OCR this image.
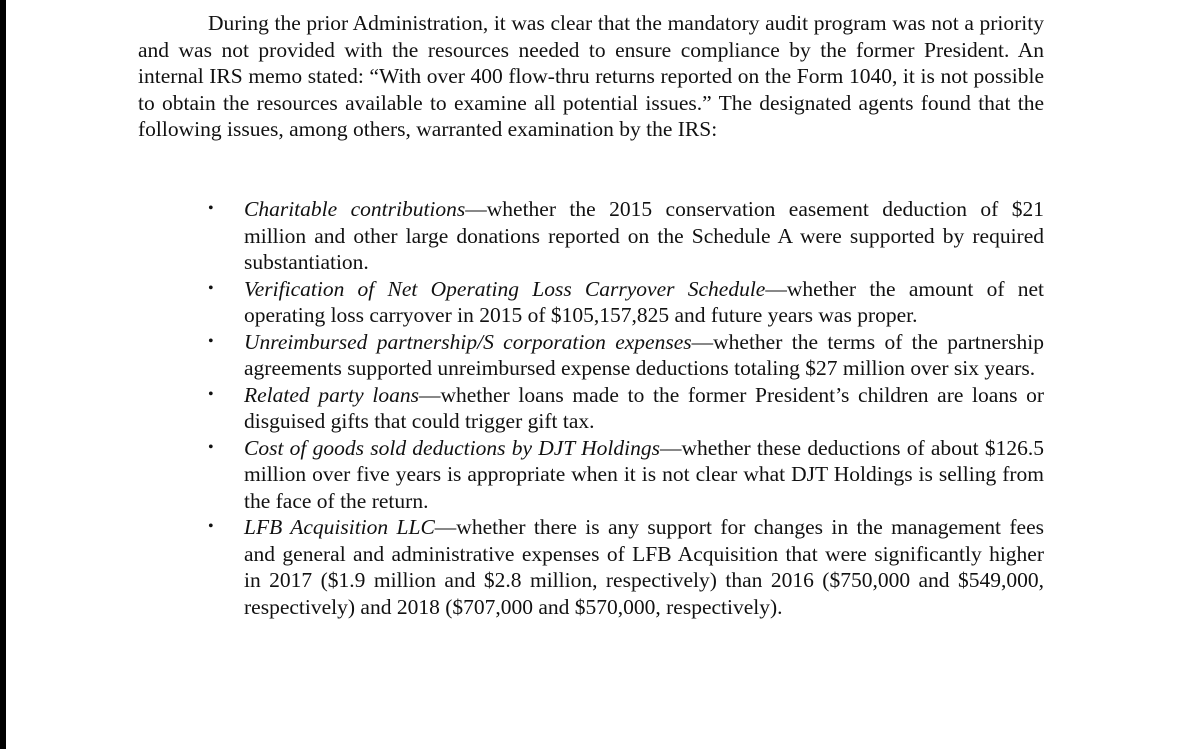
During the prior Administration, it was clear that the mandatory audit program was not a priority and was not provided with the resources needed to ensure compliance by the former President. An internal IRS memo stated: “With over 400 flow-thru returns reported on the Form 1040, it is not possible to obtain the resources available to examine all potential issues.” The designated agents found that the following issues, among others, warranted examination by the IRS:

• Charitable contributions—whether the 2015 conservation easement deduction of $21 million and other large donations reported on the Schedule A were supported by required substantiation.
• Verification of Net Operating Loss Carryover Schedule—whether the amount of net operating loss carryover in 2015 of $105,157,825 and future years was proper.
• Unreimbursed partnership/S corporation expenses—whether the terms of the partnership agreements supported unreimbursed expense deductions totaling $27 million over six years.
• Related party loans—whether loans made to the former President’s children are loans or disguised gifts that could trigger gift tax.
• Cost of goods sold deductions by DJT Holdings—whether these deductions of about $126.5 million over five years is appropriate when it is not clear what DJT Holdings is selling from the face of the return.
• LFB Acquisition LLC—whether there is any support for changes in the management fees and general and administrative expenses of LFB Acquisition that were significantly higher in 2017 ($1.9 million and $2.8 million, respectively) than 2016 ($750,000 and $549,000, respectively) and 2018 ($707,000 and $570,000, respectively).
